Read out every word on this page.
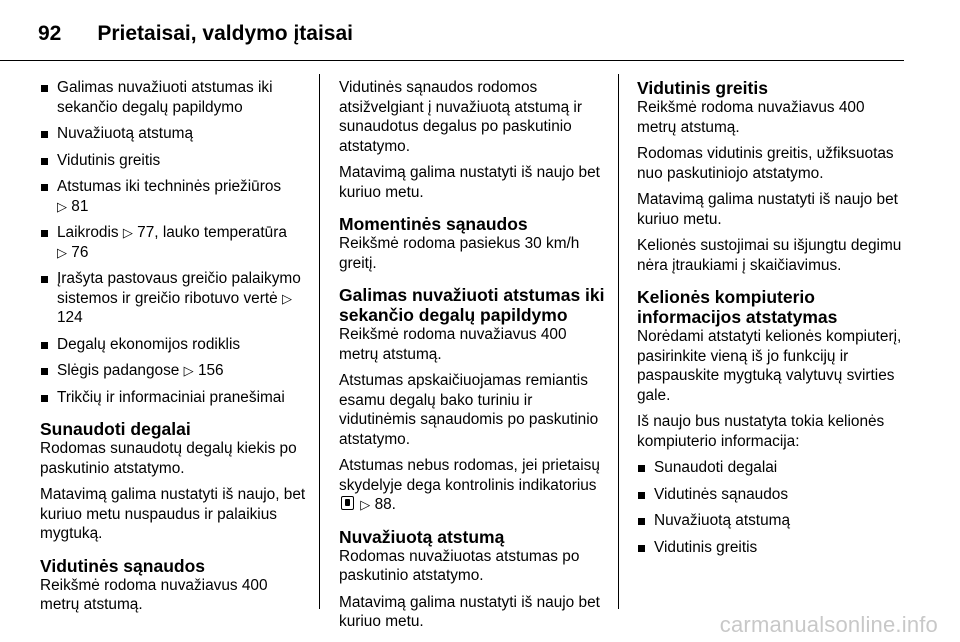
92 Prietaisai, valdymo įtaisai
Galimas nuvažiuoti atstumas iki sekančio degalų papildymo
Nuvažiuotą atstumą
Vidutinis greitis
Atstumas iki techninės priežiūros
▷ 81
Laikrodis ▷ 77, lauko temperatūra
▷ 76
Įrašyta pastovaus greičio palaikymo sistemos ir greičio ribotuvo vertė ▷ 124
Degalų ekonomijos rodiklis
Slėgis padangose ▷ 156
Trikčių ir informaciniai pranešimai
Sunaudoti degalai

Rodomas sunaudotų degalų kiekis po paskutinio atstatymo.

Matavimą galima nustatyti iš naujo, bet kuriuo metu nuspaudus ir palaikius mygtuką.

Vidutinės sąnaudos

Reikšmė rodoma nuvažiavus 400 metrų atstumą.

Vidutinės sąnaudos rodomos atsižvelgiant į nuvažiuotą atstumą ir sunaudotus degalus po paskutinio atstatymo.

Matavimą galima nustatyti iš naujo bet kuriuo metu.

Momentinės sąnaudos

Reikšmė rodoma pasiekus 30 km/h greitį.

Galimas nuvažiuoti atstumas iki sekančio degalų papildymo

Reikšmė rodoma nuvažiavus 400 metrų atstumą.

Atstumas apskaičiuojamas remiantis esamu degalų bako turiniu ir vidutinėmis sąnaudomis po paskutinio atstatymo.

Atstumas nebus rodomas, jei prietaisų skydelyje dega kontrolinis indikatorius  ▷ 88.

Nuvažiuotą atstumą

Rodomas nuvažiuotas atstumas po paskutinio atstatymo.

Matavimą galima nustatyti iš naujo bet kuriuo metu.

Vidutinis greitis

Reikšmė rodoma nuvažiavus 400 metrų atstumą.

Rodomas vidutinis greitis, užfiksuotas nuo paskutiniojo atstatymo.

Matavimą galima nustatyti iš naujo bet kuriuo metu.

Kelionės sustojimai su išjungtu degimu nėra įtraukiami į skaičiavimus.

Kelionės kompiuterio informacijos atstatymas

Norėdami atstatyti kelionės kompiuterį, pasirinkite vieną iš jo funkcijų ir paspauskite mygtuką valytuvų svirties gale.

Iš naujo bus nustatyta tokia kelionės kompiuterio informacija:

Sunaudoti degalai
Vidutinės sąnaudos
Nuvažiuotą atstumą
Vidutinis greitis
carmanualsonline.info
